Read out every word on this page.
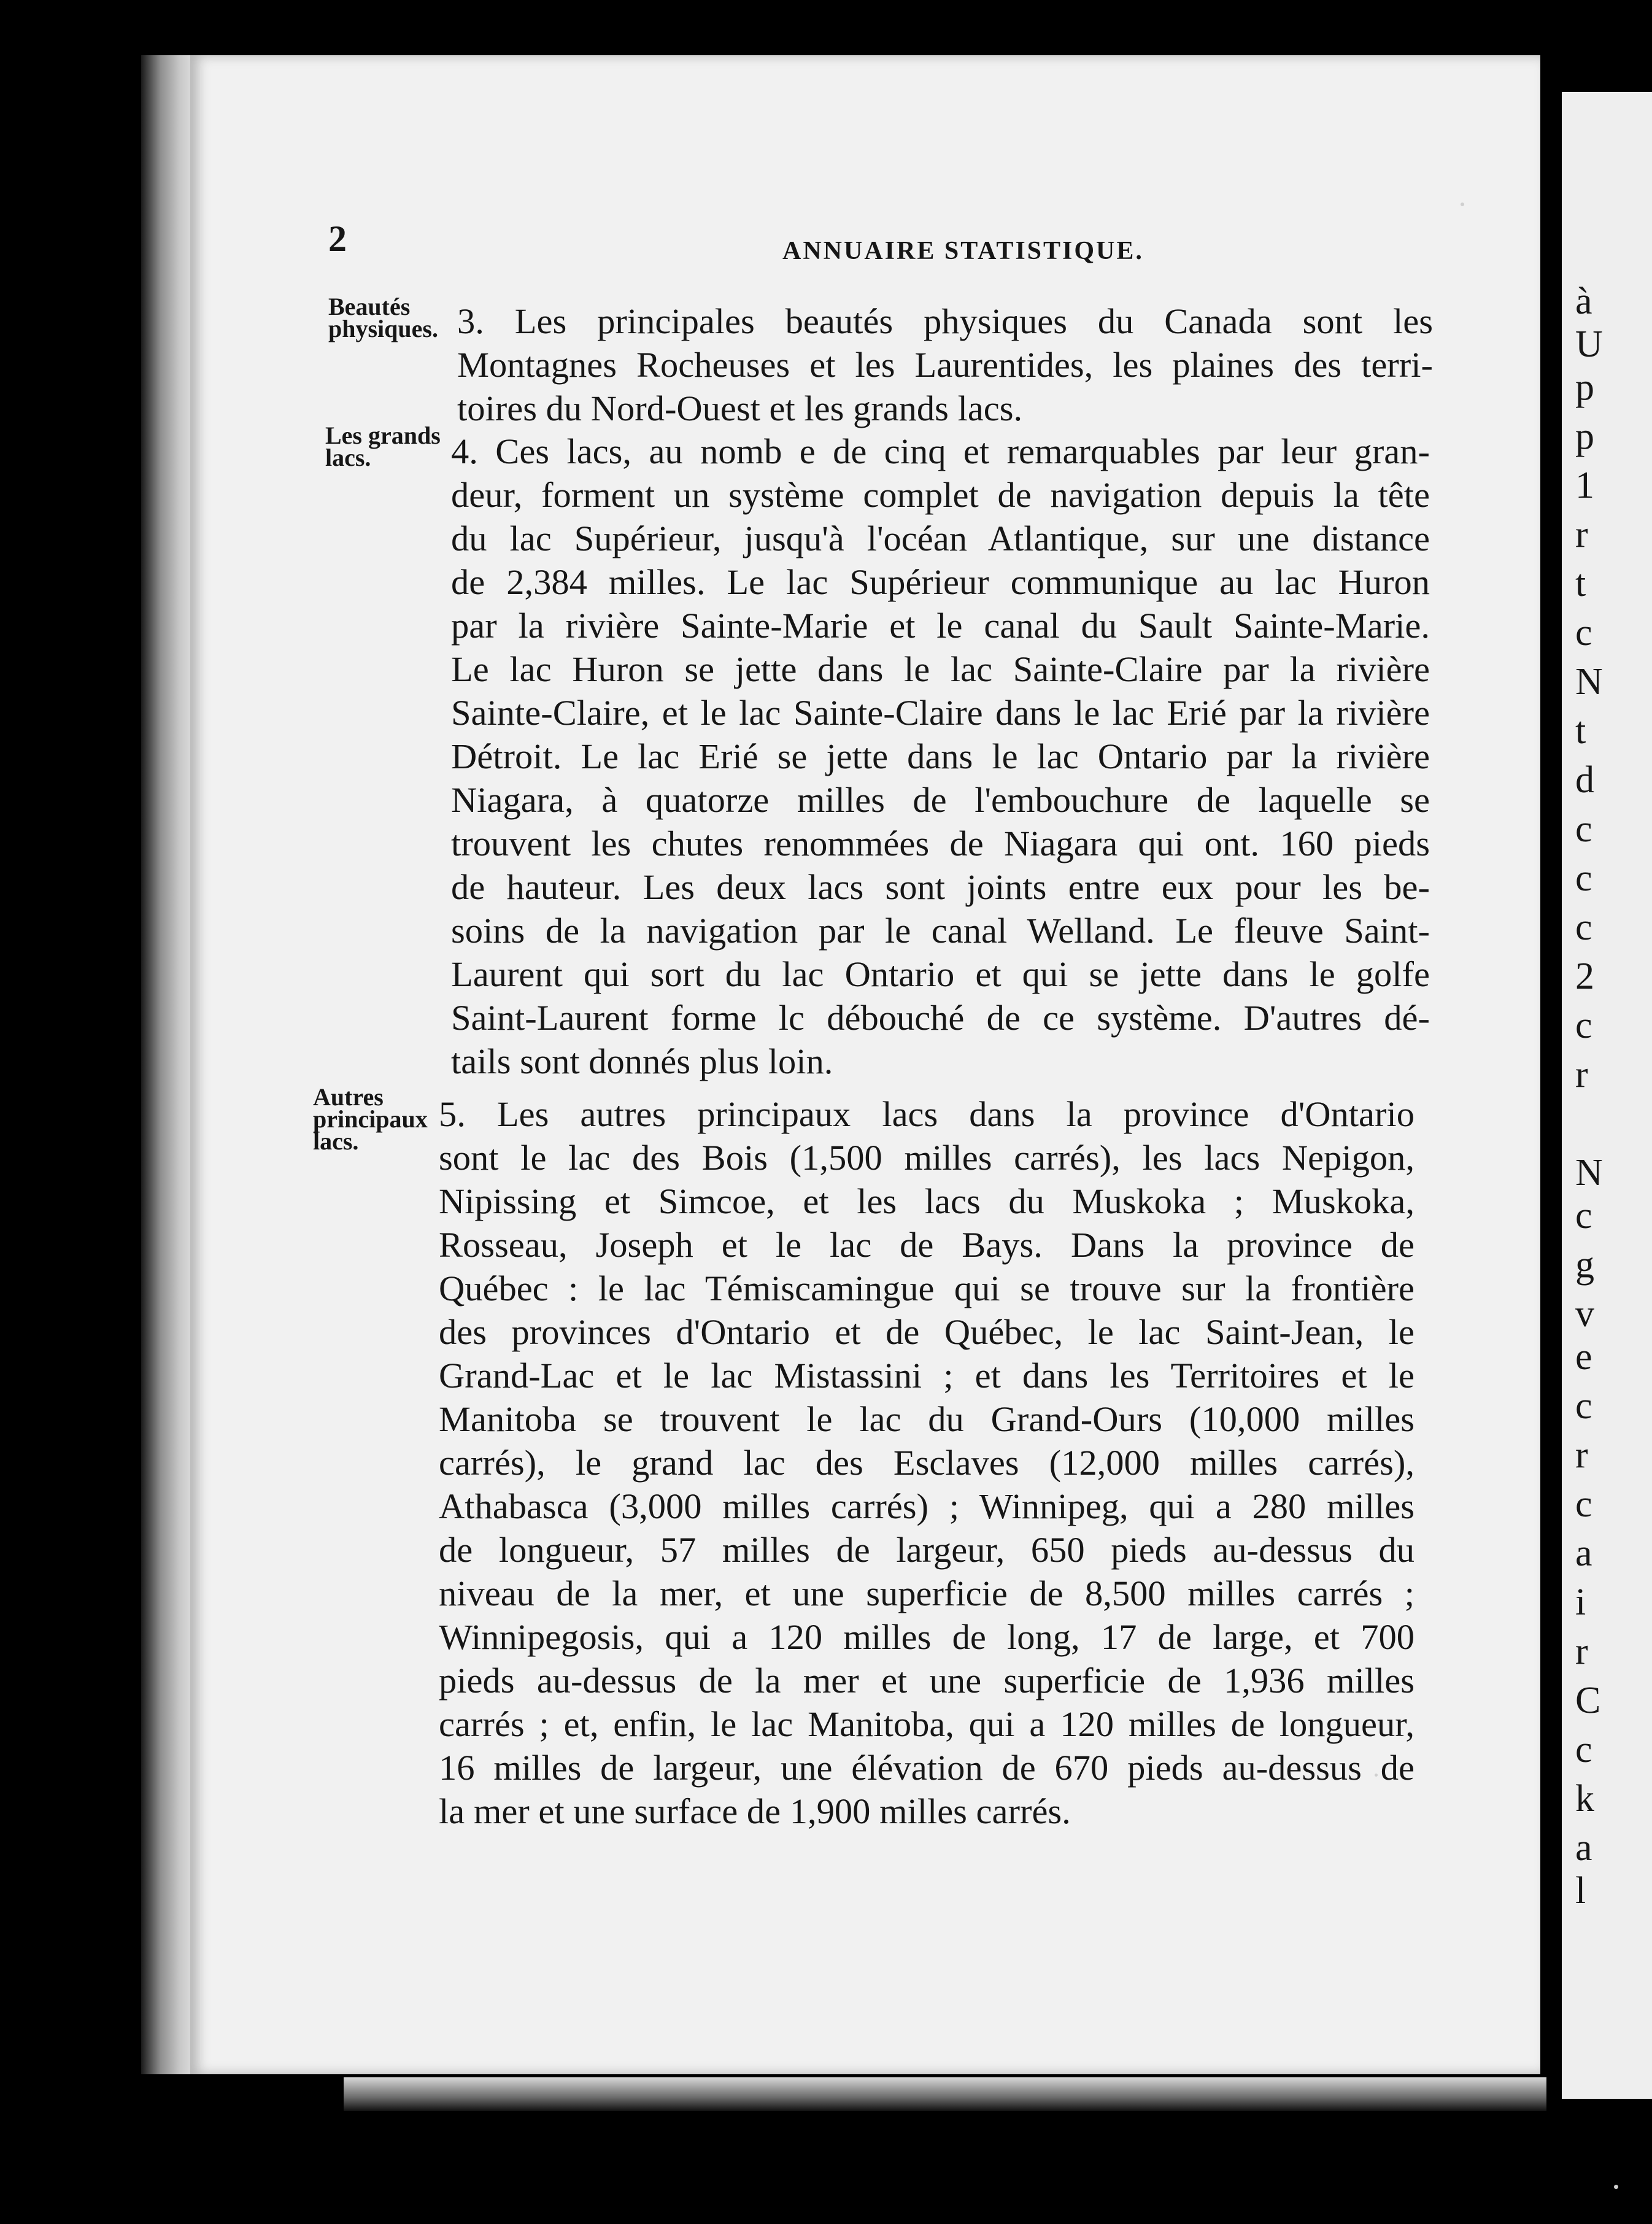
à
U
p
p
1
r
t
c
N
t
d
c
c
c
2
c
r
N
c
g
v
e
c
r
c
a
i
r
C
c
k
a
l
2	ANNUAIRE STATISTIQUE.
Beautés
physiques. 3. Les principales beautés physiques du Canada sont les
Montagnes Rocheuses et les Laurentides, les plaines des terri-
toires du Nord-Ouest et les grands lacs.
Les grands
lacs.	4. Ces lacs, au nomb e de cinq et remarquables par leur gran-
deur, forment un système complet de navigation depuis la tête
du lac Supérieur, jusqu'à l'océan Atlantique, sur une distance
de 2,384 milles. Le lac Supérieur communique au lac Huron
par la rivière Sainte-Marie et le canal du Sault Sainte-Marie.
Le lac Huron se jette dans le lac Sainte-Claire par la rivière
Sainte-Claire, et le lac Sainte-Claire dans le lac Erié par la rivière
Détroit. Le lac Erié se jette dans le lac Ontario par la rivière
Niagara, à quatorze milles de l'embouchure de laquelle se
trouvent les chutes renommées de Niagara qui ont. 160 pieds
de hauteur. Les deux lacs sont joints entre eux pour les be-
soins de la navigation par le canal Welland. Le fleuve Saint-
Laurent qui sort du lac Ontario et qui se jette dans le golfe
Saint-Laurent forme lc débouché de ce système. D'autres dé-
tails sont donnés plus loin.
Autres
principaux
lacs.
5. Les autres principaux lacs dans la province d'Ontario
sont le lac des Bois (1,500 milles carrés), les lacs Nepigon,
Nipissing et Simcoe, et les lacs du Muskoka ; Muskoka,
Rosseau, Joseph et le lac de Bays. Dans la province de
Québec : le lac Témiscamingue qui se trouve sur la frontière
des provinces d'Ontario et de Québec, le lac Saint-Jean, le
Grand-Lac et le lac Mistassini ; et dans les Territoires et le
Manitoba se trouvent le lac du Grand-Ours (10,000 milles
carrés), le grand lac des Esclaves (12,000 milles carrés),
Athabasca (3,000 milles carrés) ; Winnipeg, qui a 280 milles
de longueur, 57 milles de largeur, 650 pieds au-dessus du
niveau de la mer, et une superficie de 8,500 milles carrés ;
Winnipegosis, qui a 120 milles de long, 17 de large, et 700
pieds au-dessus de la mer et une superficie de 1,936 milles
carrés ; et, enfin, le lac Manitoba, qui a 120 milles de longueur,
16 milles de largeur, une élévation de 670 pieds au-dessus de
la mer et une surface de 1,900 milles carrés.
